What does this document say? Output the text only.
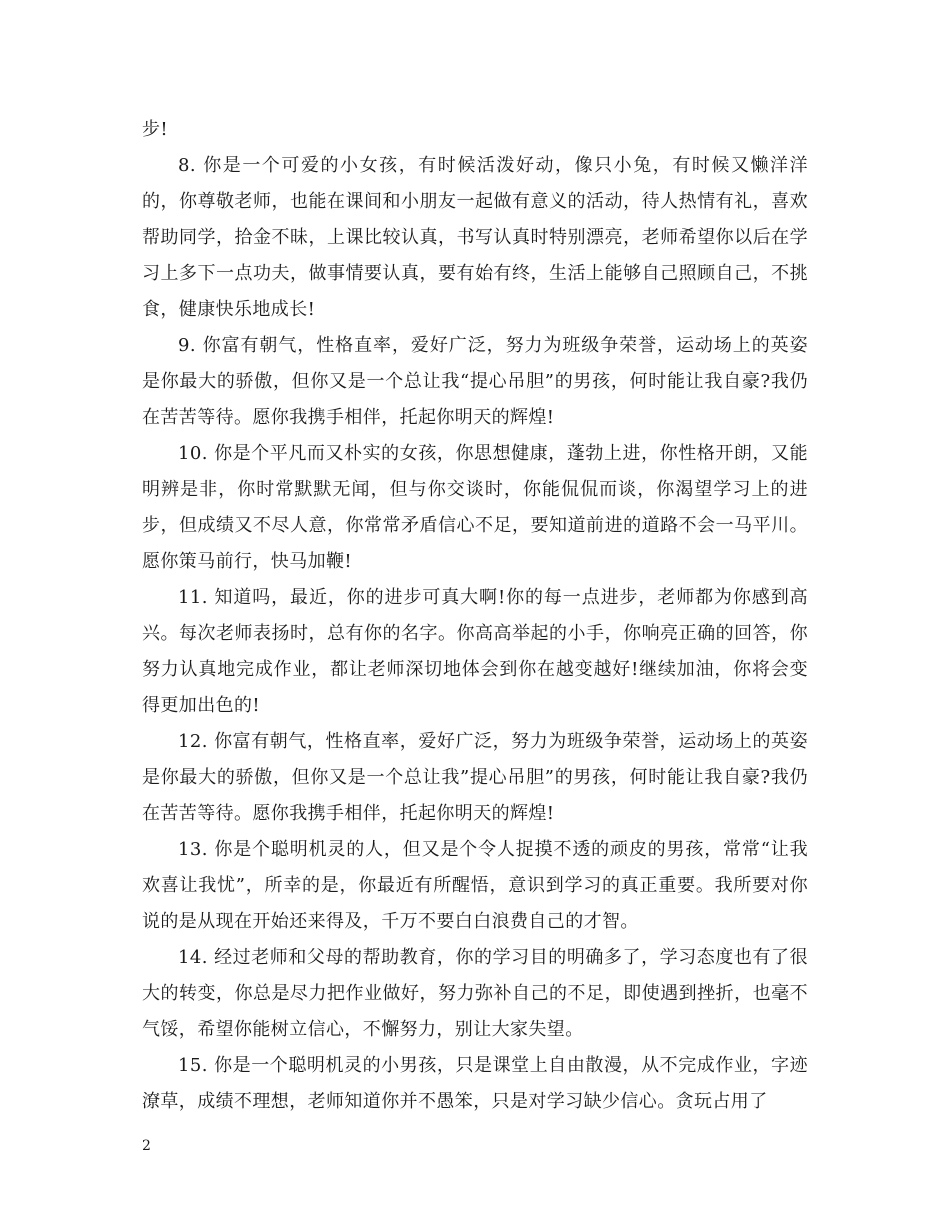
步!

8. 你是一个可爱的小女孩，有时候活泼好动，像只小兔，有时候又懒洋洋的，你尊敬老师，也能在课间和小朋友一起做有意义的活动，待人热情有礼，喜欢帮助同学，拾金不昧，上课比较认真，书写认真时特别漂亮，老师希望你以后在学习上多下一点功夫，做事情要认真，要有始有终，生活上能够自己照顾自己，不挑食，健康快乐地成长!

9. 你富有朝气，性格直率，爱好广泛，努力为班级争荣誉，运动场上的英姿是你最大的骄傲，但你又是一个总让我“提心吊胆”的男孩，何时能让我自豪?我仍在苦苦等待。愿你我携手相伴，托起你明天的辉煌!

10. 你是个平凡而又朴实的女孩，你思想健康，蓬勃上进，你性格开朗，又能明辨是非，你时常默默无闻，但与你交谈时，你能侃侃而谈，你渴望学习上的进步，但成绩又不尽人意，你常常矛盾信心不足，要知道前进的道路不会一马平川。愿你策马前行，快马加鞭!

11. 知道吗，最近，你的进步可真大啊!你的每一点进步，老师都为你感到高兴。每次老师表扬时，总有你的名字。你高高举起的小手，你响亮正确的回答，你努力认真地完成作业，都让老师深切地体会到你在越变越好!继续加油，你将会变得更加出色的!

12. 你富有朝气，性格直率，爱好广泛，努力为班级争荣誉，运动场上的英姿是你最大的骄傲，但你又是一个总让我”提心吊胆”的男孩，何时能让我自豪?我仍在苦苦等待。愿你我携手相伴，托起你明天的辉煌!

13. 你是个聪明机灵的人，但又是个令人捉摸不透的顽皮的男孩，常常“让我欢喜让我忧”，所幸的是，你最近有所醒悟，意识到学习的真正重要。我所要对你说的是从现在开始还来得及，千万不要白白浪费自己的才智。

14. 经过老师和父母的帮助教育，你的学习目的明确多了，学习态度也有了很大的转变，你总是尽力把作业做好，努力弥补自己的不足，即使遇到挫折，也毫不气馁，希望你能树立信心，不懈努力，别让大家失望。

15. 你是一个聪明机灵的小男孩，只是课堂上自由散漫，从不完成作业，字迹潦草，成绩不理想，老师知道你并不愚笨，只是对学习缺少信心。贪玩占用了

2
